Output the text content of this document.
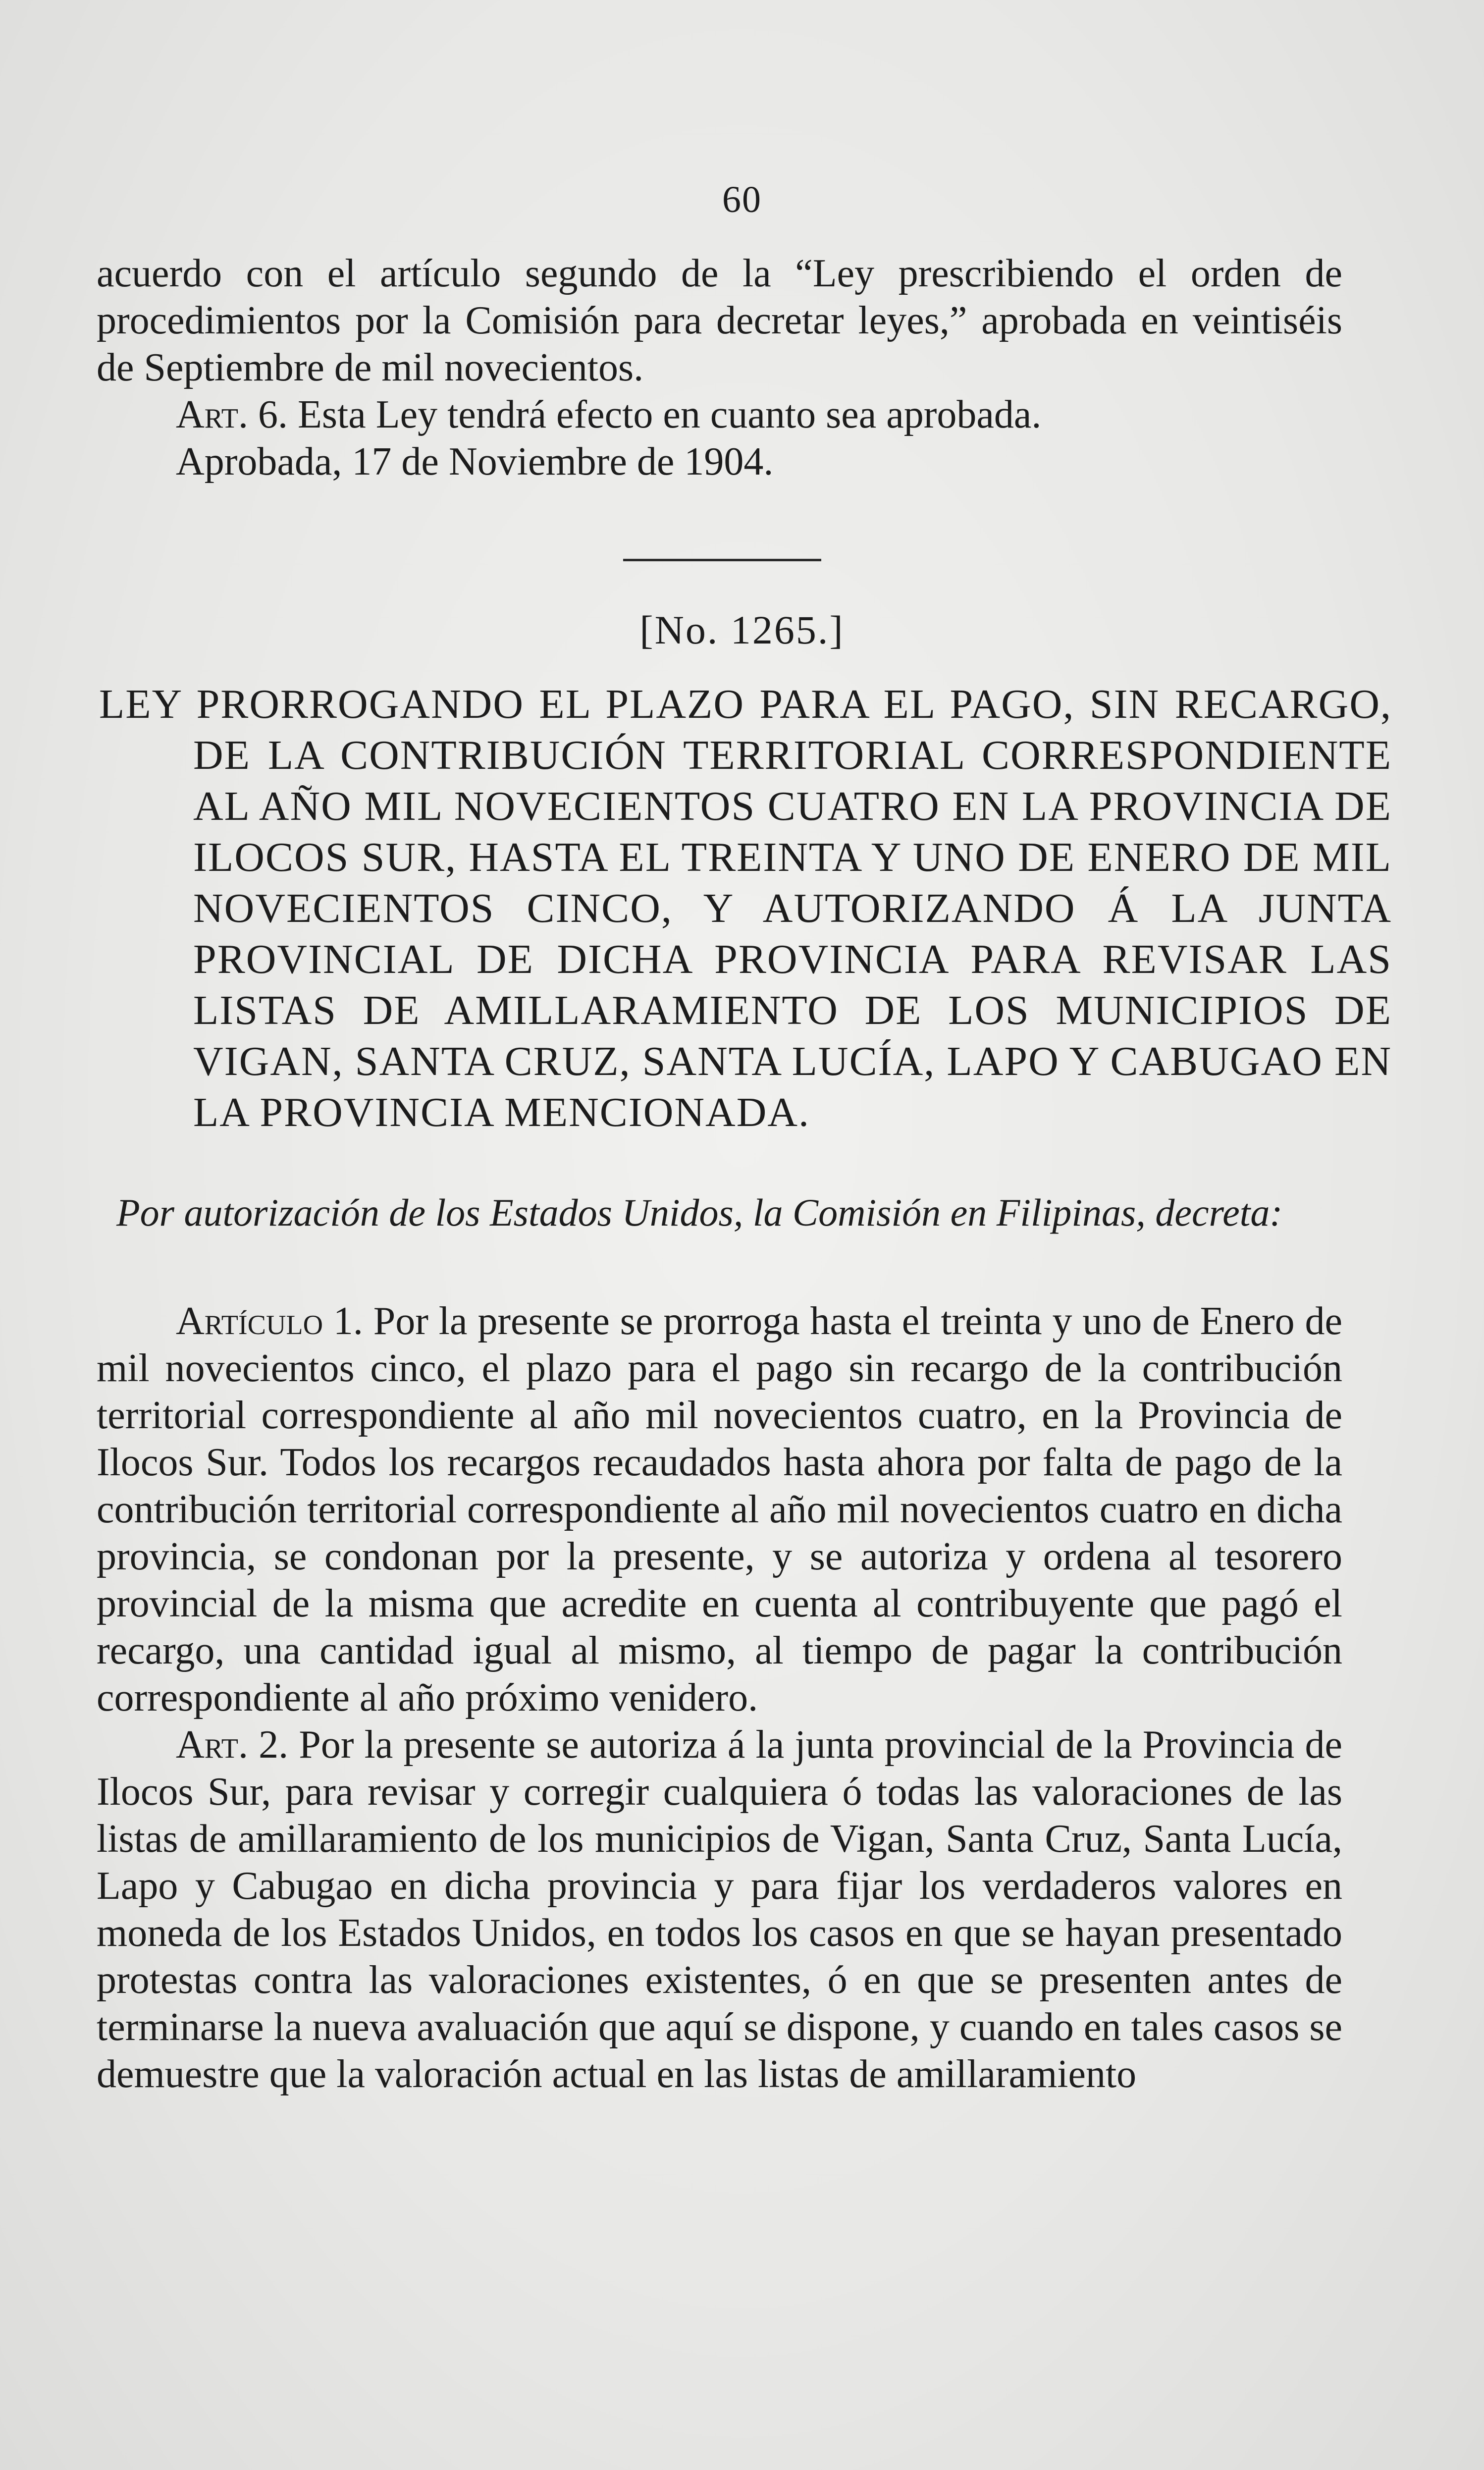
60

acuerdo con el artículo segundo de la “Ley prescribiendo el orden de procedimientos por la Comisión para decretar leyes,” aprobada en veintiséis de Septiembre de mil novecientos.

Art. 6. Esta Ley tendrá efecto en cuanto sea aprobada.

Aprobada, 17 de Noviembre de 1904.

[No. 1265.]

LEY PRORROGANDO EL PLAZO PARA EL PAGO, SIN RECARGO, DE LA CONTRIBUCIÓN TERRITORIAL CORRESPONDIENTE AL AÑO MIL NOVECIENTOS CUATRO EN LA PROVINCIA DE ILOCOS SUR, HASTA EL TREINTA Y UNO DE ENERO DE MIL NOVECIENTOS CINCO, Y AUTORIZANDO Á LA JUNTA PROVINCIAL DE DICHA PROVINCIA PARA REVISAR LAS LISTAS DE AMILLARAMIENTO DE LOS MUNICIPIOS DE VIGAN, SANTA CRUZ, SANTA LUCÍA, LAPO Y CABUGAO EN LA PROVINCIA MENCIONADA.

Por autorización de los Estados Unidos, la Comisión en Filipinas, decreta:

Artículo 1. Por la presente se prorroga hasta el treinta y uno de Enero de mil novecientos cinco, el plazo para el pago sin recargo de la contribución territorial correspondiente al año mil novecientos cuatro, en la Provincia de Ilocos Sur. Todos los recargos recaudados hasta ahora por falta de pago de la contribución territorial correspondiente al año mil novecientos cuatro en dicha provincia, se condonan por la presente, y se autoriza y ordena al tesorero provincial de la misma que acredite en cuenta al contribuyente que pagó el recargo, una cantidad igual al mismo, al tiempo de pagar la contribución correspondiente al año próximo venidero.

Art. 2. Por la presente se autoriza á la junta provincial de la Provincia de Ilocos Sur, para revisar y corregir cualquiera ó todas las valoraciones de las listas de amillaramiento de los municipios de Vigan, Santa Cruz, Santa Lucía, Lapo y Cabugao en dicha provincia y para fijar los verdaderos valores en moneda de los Estados Unidos, en todos los casos en que se hayan presentado protestas contra las valoraciones existentes, ó en que se presenten antes de terminarse la nueva avaluación que aquí se dispone, y cuando en tales casos se demuestre que la valoración actual en las listas de amillaramiento
